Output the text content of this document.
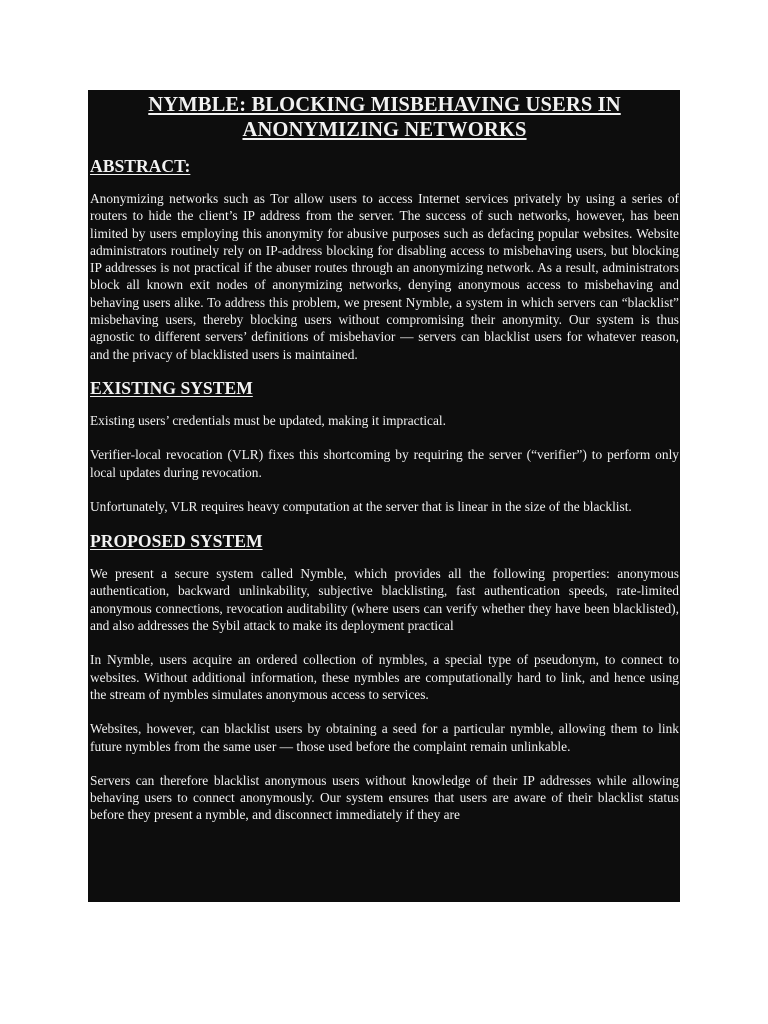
NYMBLE: BLOCKING MISBEHAVING USERS IN
ANONYMIZING NETWORKS
ABSTRACT:

Anonymizing networks such as Tor allow users to access Internet services privately by using a series of routers to hide the client’s IP address from the server. The success of such networks, however, has been limited by users employing this anonymity for abusive purposes such as defacing popular websites. Website administrators routinely rely on IP-address blocking for disabling access to misbehaving users, but blocking IP addresses is not practical if the abuser routes through an anonymizing network. As a result, administrators block all known exit nodes of anonymizing networks, denying anonymous access to misbehaving and behaving users alike. To address this problem, we present Nymble, a system in which servers can “blacklist” misbehaving users, thereby blocking users without compromising their anonymity. Our system is thus agnostic to different servers’ definitions of misbehavior — servers can blacklist users for whatever reason, and the privacy of blacklisted users is maintained.

EXISTING SYSTEM

Existing users’ credentials must be updated, making it impractical.

Verifier-local revocation (VLR) fixes this shortcoming by requiring the server (“verifier”) to perform only local updates during revocation.

Unfortunately, VLR requires heavy computation at the server that is linear in the size of the blacklist.

PROPOSED SYSTEM

We present a secure system called Nymble, which provides all the following properties: anonymous authentication, backward unlinkability, subjective blacklisting, fast authentication speeds, rate-limited anonymous connections, revocation auditability (where users can verify whether they have been blacklisted), and also addresses the Sybil attack to make its deployment practical

In Nymble, users acquire an ordered collection of nymbles, a special type of pseudonym, to connect to websites. Without additional information, these nymbles are computationally hard to link, and hence using the stream of nymbles simulates anonymous access to services.

Websites, however, can blacklist users by obtaining a seed for a particular nymble, allowing them to link future nymbles from the same user — those used before the complaint remain unlinkable.

Servers can therefore blacklist anonymous users without knowledge of their IP addresses while allowing behaving users to connect anonymously. Our system ensures that users are aware of their blacklist status before they present a nymble, and disconnect immediately if they are
